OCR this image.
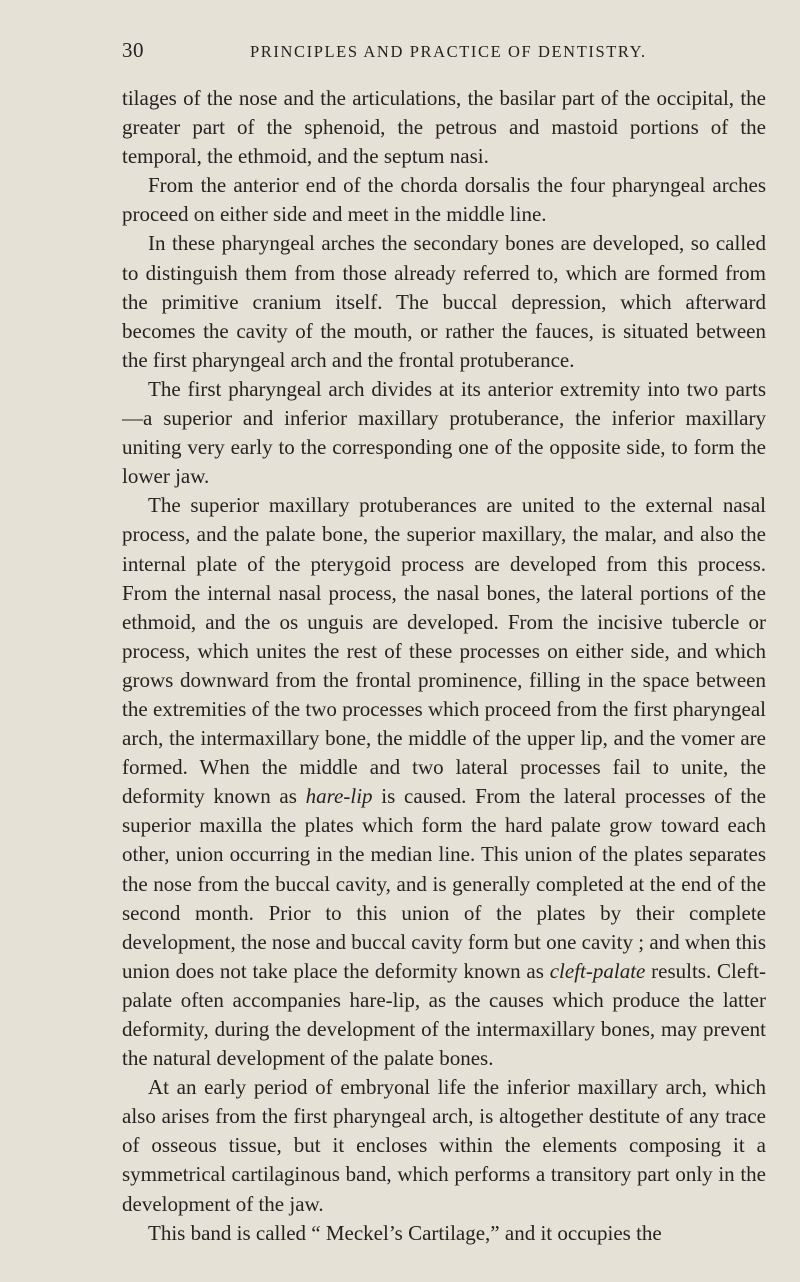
30	PRINCIPLES AND PRACTICE OF DENTISTRY.

tilages of the nose and the articulations, the basilar part of the occipital, the greater part of the sphenoid, the petrous and mastoid portions of the temporal, the ethmoid, and the septum nasi.

From the anterior end of the chorda dorsalis the four pharyngeal arches proceed on either side and meet in the middle line.

In these pharyngeal arches the secondary bones are developed, so called to distinguish them from those already referred to, which are formed from the primitive cranium itself. The buccal depression, which afterward becomes the cavity of the mouth, or rather the fauces, is situated between the first pharyngeal arch and the frontal protuberance.

The first pharyngeal arch divides at its anterior extremity into two parts—a superior and inferior maxillary protuberance, the inferior maxillary uniting very early to the corresponding one of the opposite side, to form the lower jaw.

The superior maxillary protuberances are united to the external nasal process, and the palate bone, the superior maxillary, the malar, and also the internal plate of the pterygoid process are developed from this process. From the internal nasal process, the nasal bones, the lateral portions of the ethmoid, and the os unguis are developed. From the incisive tubercle or process, which unites the rest of these processes on either side, and which grows downward from the frontal prominence, filling in the space between the extremities of the two processes which proceed from the first pharyngeal arch, the intermaxillary bone, the middle of the upper lip, and the vomer are formed. When the middle and two lateral processes fail to unite, the deformity known as hare-lip is caused. From the lateral processes of the superior maxilla the plates which form the hard palate grow toward each other, union occurring in the median line. This union of the plates separates the nose from the buccal cavity, and is generally completed at the end of the second month. Prior to this union of the plates by their complete development, the nose and buccal cavity form but one cavity ; and when this union does not take place the deformity known as cleft-palate results. Cleft-palate often accompanies hare-lip, as the causes which produce the latter deformity, during the development of the intermaxillary bones, may prevent the natural development of the palate bones.

At an early period of embryonal life the inferior maxillary arch, which also arises from the first pharyngeal arch, is altogether destitute of any trace of osseous tissue, but it encloses within the elements composing it a symmetrical cartilaginous band, which performs a transitory part only in the development of the jaw.

This band is called “ Meckel’s Cartilage,” and it occupies the
